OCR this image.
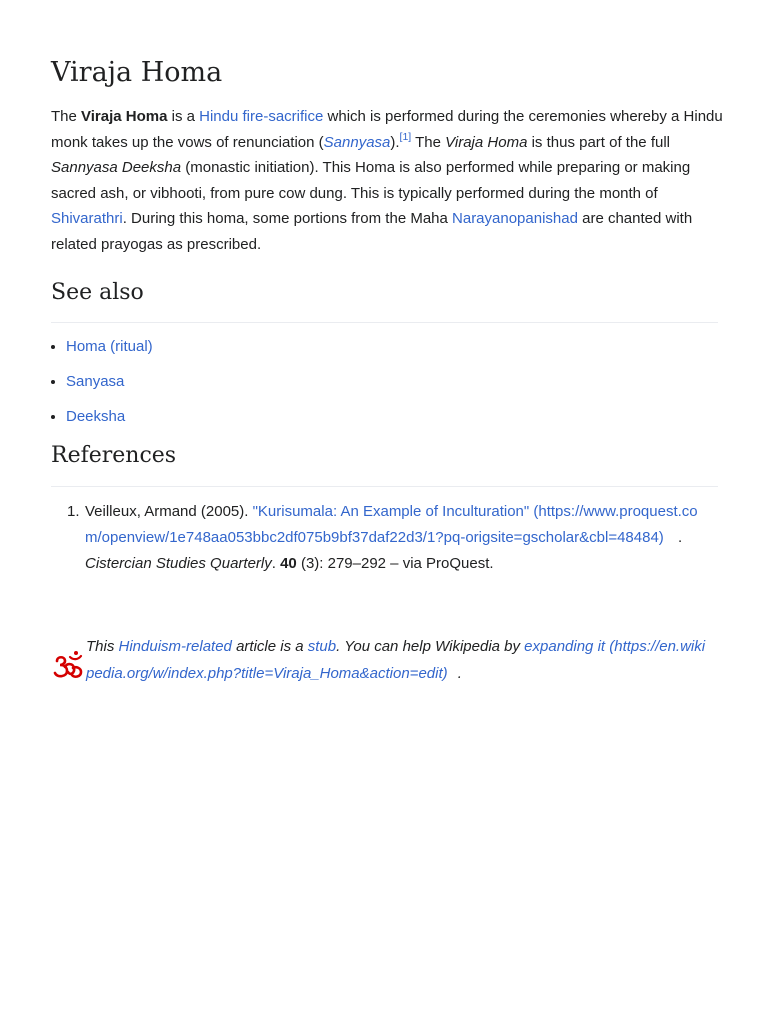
Viraja Homa

The Viraja Homa is a Hindu fire-sacrifice which is performed during the ceremonies whereby a Hindu monk takes up the vows of renunciation (Sannyasa).[1] The Viraja Homa is thus part of the full Sannyasa Deeksha (monastic initiation). This Homa is also performed while preparing or making sacred ash, or vibhooti, from pure cow dung. This is typically performed during the month of Shivarathri. During this homa, some portions from the Maha Narayanopanishad are chanted with related prayogas as prescribed.

See also
Homa (ritual)
Sanyasa
Deeksha
References
1. Veilleux, Armand (2005). "Kurisumala: An Example of Inculturation" (https://www.proquest.co
m/openview/1e748aa053bbc2df075b9bf37daf22d3/1?pq-origsite=gscholar&cbl=48484) .
Cistercian Studies Quarterly. 40 (3): 279–292 – via ProQuest.
This Hinduism-related article is a stub. You can help Wikipedia by expanding it (https://en.wiki
pedia.org/w/index.php?title=Viraja_Homa&action=edit) .
